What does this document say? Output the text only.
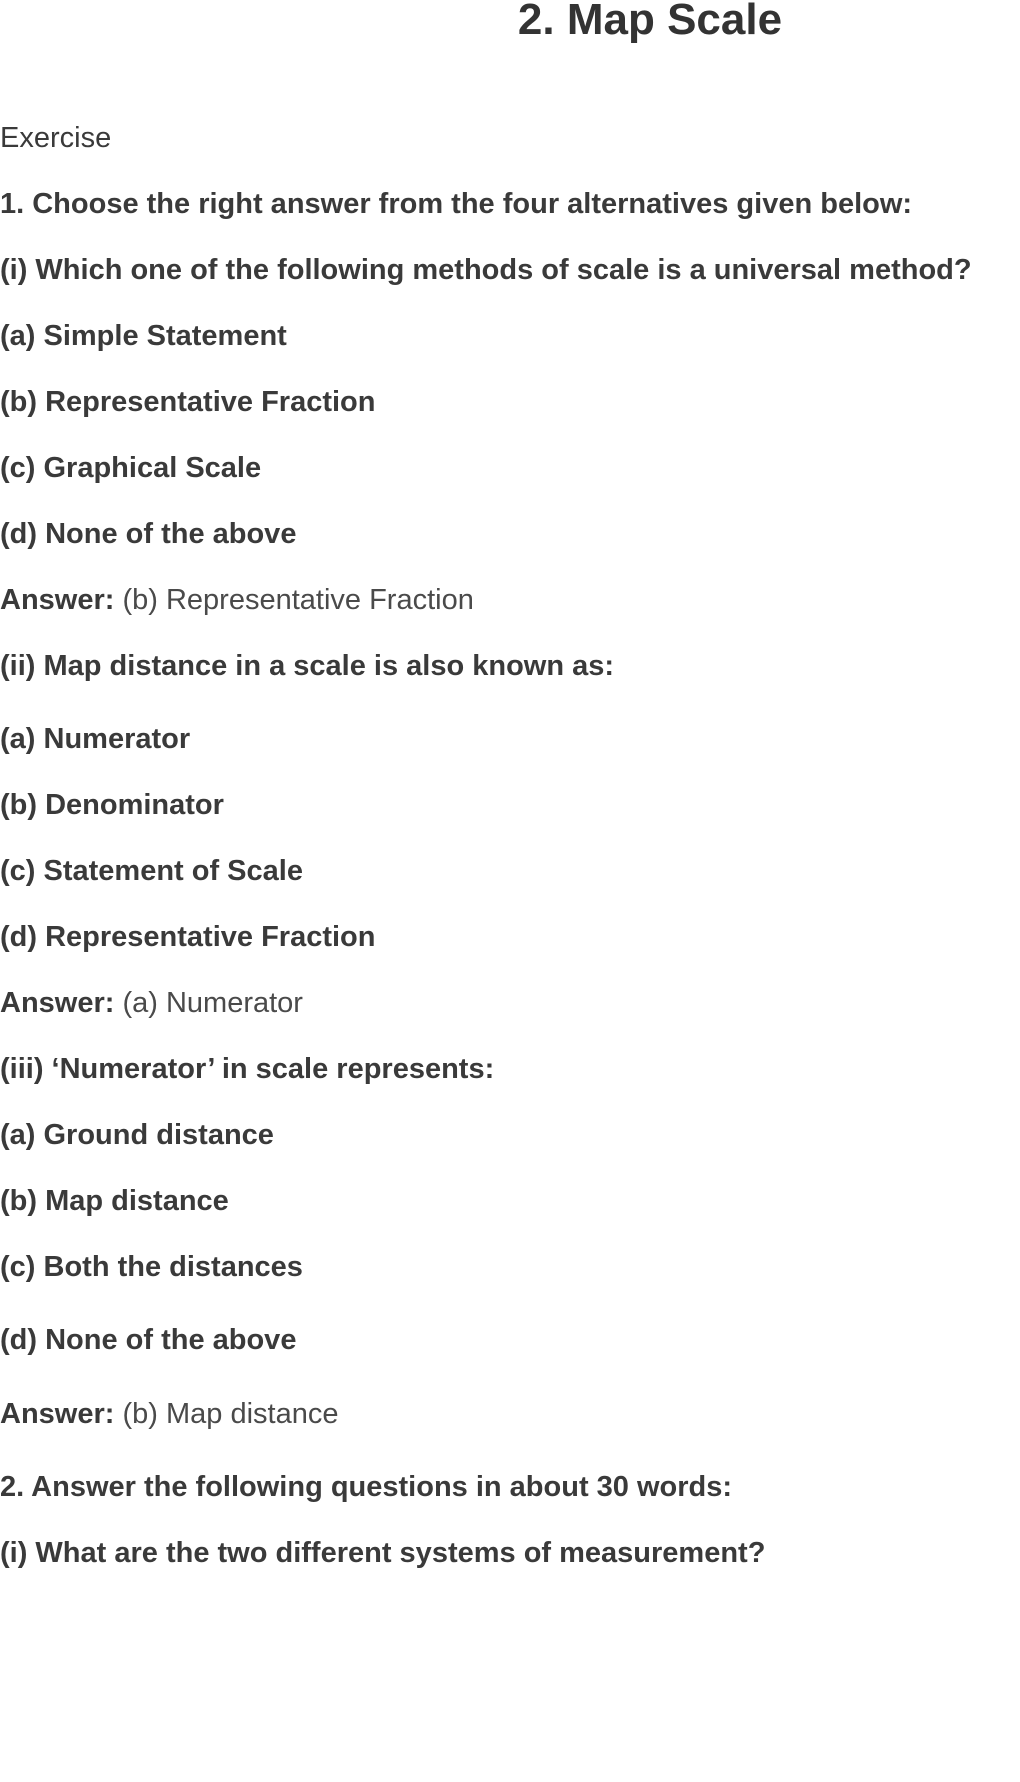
2. Map Scale
Exercise
1. Choose the right answer from the four alternatives given below:
(i) Which one of the following methods of scale is a universal method?
(a) Simple Statement
(b) Representative Fraction
(c) Graphical Scale
(d) None of the above
Answer: (b) Representative Fraction
(ii) Map distance in a scale is also known as:
(a) Numerator
(b) Denominator
(c) Statement of Scale
(d) Representative Fraction
Answer: (a) Numerator
(iii) ‘Numerator’ in scale represents:
(a) Ground distance
(b) Map distance
(c) Both the distances
(d) None of the above
Answer: (b) Map distance
2. Answer the following questions in about 30 words:
(i) What are the two different systems of measurement?
